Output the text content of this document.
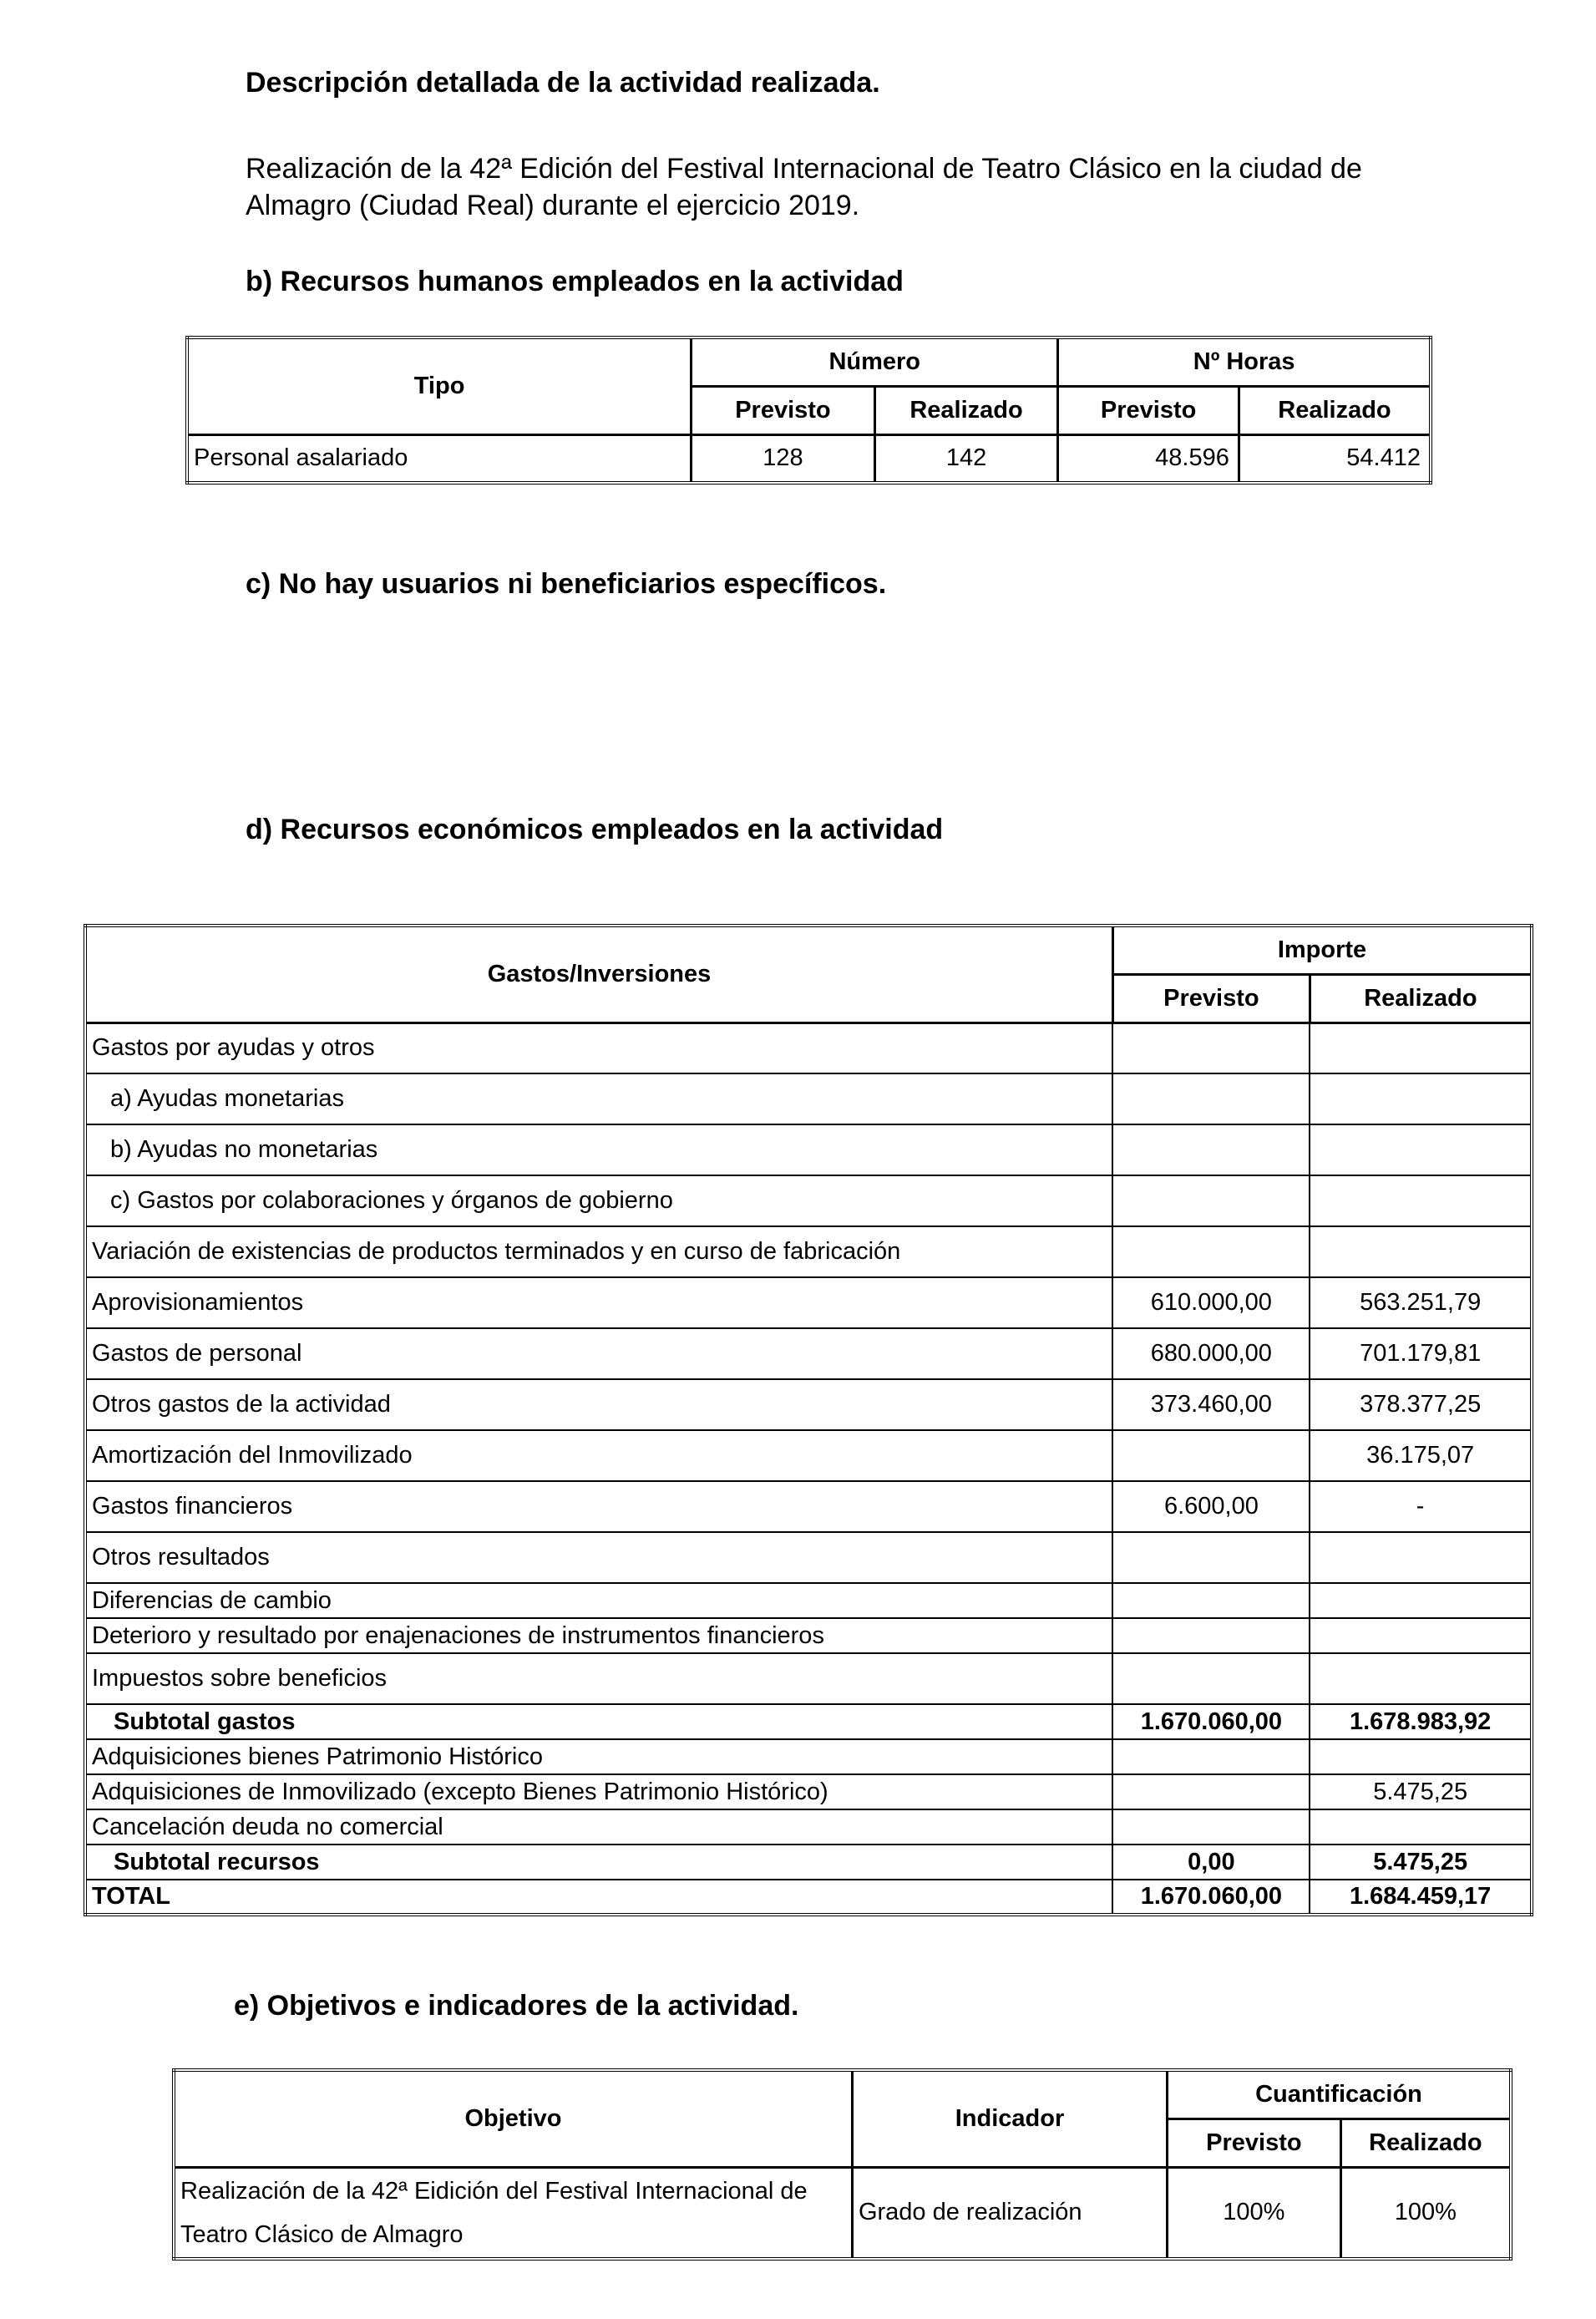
Descripción detallada de la actividad realizada.
Realización de la 42ª Edición del Festival Internacional de Teatro Clásico en la ciudad de Almagro (Ciudad Real) durante el ejercicio 2019.
b) Recursos humanos empleados en la actividad
Tipo	Número		Nº Horas	
	Previsto	Realizado	Previsto	Realizado
Personal asalariado	128	142	48.596	54.412
c) No hay usuarios ni beneficiarios específicos.
d) Recursos económicos empleados en la actividad
Gastos/Inversiones	Importe	
	Previsto	Realizado
Gastos por ayudas y otros		
a) Ayudas monetarias		
b) Ayudas no monetarias		
c) Gastos por colaboraciones y órganos de gobierno		
Variación de existencias de productos terminados y en curso de fabricación		
Aprovisionamientos	610.000,00	563.251,79
Gastos de personal	680.000,00	701.179,81
Otros gastos de la actividad	373.460,00	378.377,25
Amortización del Inmovilizado		36.175,07
Gastos financieros	6.600,00	-
Otros resultados		
Diferencias de cambio		
Deterioro y resultado por enajenaciones de instrumentos financieros		
Impuestos sobre beneficios		
Subtotal gastos	1.670.060,00	1.678.983,92
Adquisiciones bienes Patrimonio Histórico		
Adquisiciones de Inmovilizado (excepto Bienes Patrimonio Histórico)		5.475,25
Cancelación deuda no comercial		
Subtotal recursos	0,00	5.475,25
TOTAL	1.670.060,00	1.684.459,17
e) Objetivos e indicadores de la actividad.
Objetivo	Indicador	Cuantificación	
		Previsto	Realizado
Realización de la 42ª Eidición del Festival Internacional de Teatro Clásico de Almagro	Grado de realización	100%	100%
